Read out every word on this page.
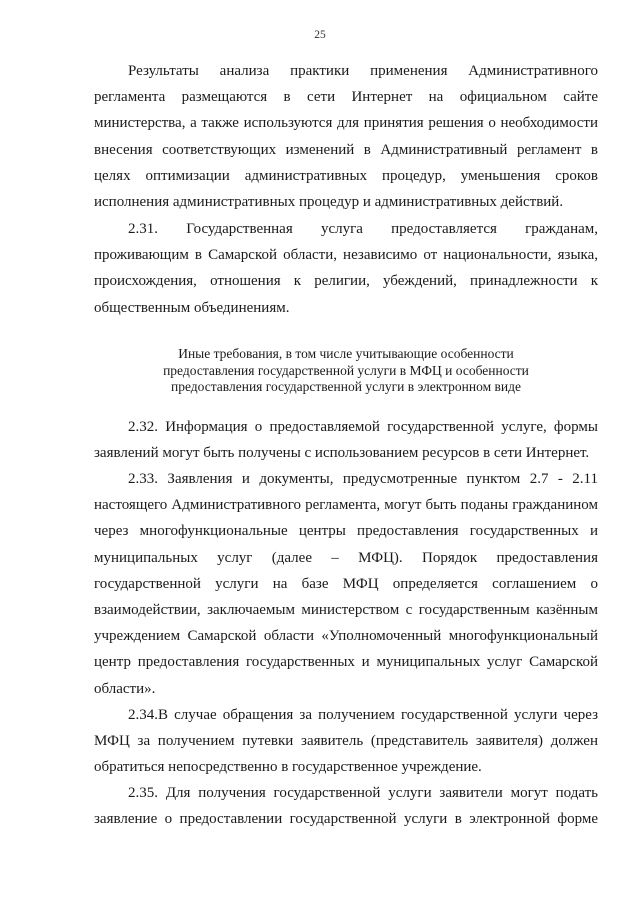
25

Результаты анализа практики применения Административного регламента размещаются в сети Интернет на официальном сайте министерства, а также используются для принятия решения о необходимости внесения соответствующих изменений в Административный регламент в целях оптимизации административных процедур, уменьшения сроков исполнения административных процедур и административных действий.

2.31. Государственная услуга предоставляется гражданам, проживающим в Самарской области, независимо от национальности, языка, происхождения, отношения к религии, убеждений, принадлежности к общественным объединениям.

Иные требования, в том числе учитывающие особенности
предоставления государственной услуги в МФЦ и особенности
предоставления государственной услуги в электронном виде

2.32. Информация о предоставляемой государственной услуге, формы заявлений могут быть получены с использованием ресурсов в сети Интернет.

2.33. Заявления и документы, предусмотренные пунктом 2.7 - 2.11 настоящего Административного регламента, могут быть поданы гражданином через многофункциональные центры предоставления государственных и муниципальных услуг (далее – МФЦ). Порядок предоставления государственной услуги на базе МФЦ определяется соглашением о взаимодействии, заключаемым министерством с государственным казённым учреждением Самарской области «Уполномоченный многофункциональный центр предоставления государственных и муниципальных услуг Самарской области».

2.34.В случае обращения за получением государственной услуги через МФЦ за получением путевки заявитель (представитель заявителя) должен обратиться непосредственно в государственное учреждение.

2.35. Для получения государственной услуги заявители могут подать заявление о предоставлении государственной услуги в электронной форме
